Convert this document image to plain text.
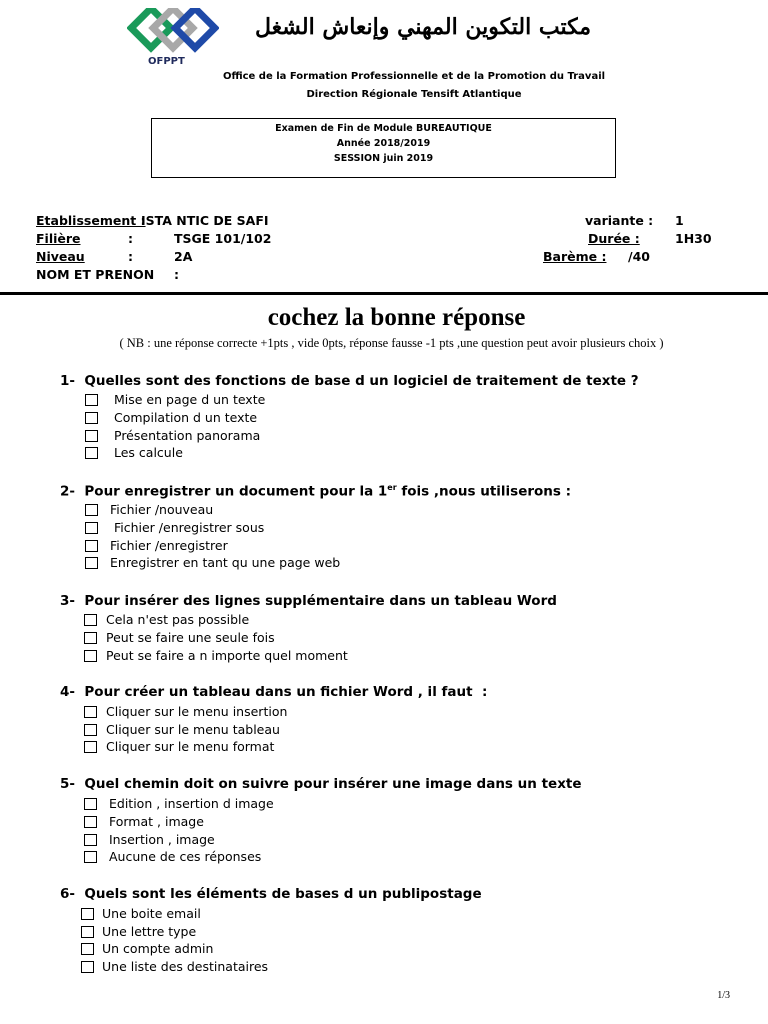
OFPPT
مكتب التكوين المهني وإنعاش الشغل
Office de la Formation Professionnelle et de la Promotion du Travail
Direction Régionale Tensift Atlantique
Examen de Fin de Module BUREAUTIQUE
Année 2018/2019
SESSION juin 2019
Etablissement :
ISTA NTIC DE SAFI
Filière	:	TSGE 101/102
Niveau	:	2A
NOM ET PRENON :
variante : 1
Durée :	1H30
Barème : /40
cochez la bonne réponse
( NB : une réponse correcte +1pts , vide 0pts, réponse fausse -1 pts ,une question peut avoir plusieurs choix )
1- Quelles sont des fonctions de base d un logiciel de traitement de texte ?
Mise en page d un texte
Compilation d un texte
Présentation panorama
Les calcule
2- Pour enregistrer un document pour la 1er fois ,nous utiliserons :
Fichier /nouveau
Fichier /enregistrer sous
Fichier /enregistrer
Enregistrer en tant qu une page web
3- Pour insérer des lignes supplémentaire dans un tableau Word
Cela n'est pas possible
Peut se faire une seule fois
Peut se faire a n importe quel moment
4- Pour créer un tableau dans un fichier Word , il faut  :
Cliquer sur le menu insertion
Cliquer sur le menu tableau
Cliquer sur le menu format
5- Quel chemin doit on suivre pour insérer une image dans un texte
Edition , insertion d image
Format , image
Insertion , image
Aucune de ces réponses
6- Quels sont les éléments de bases d un publipostage
Une boite email
Une lettre type
Un compte admin
Une liste des destinataires
1/3
